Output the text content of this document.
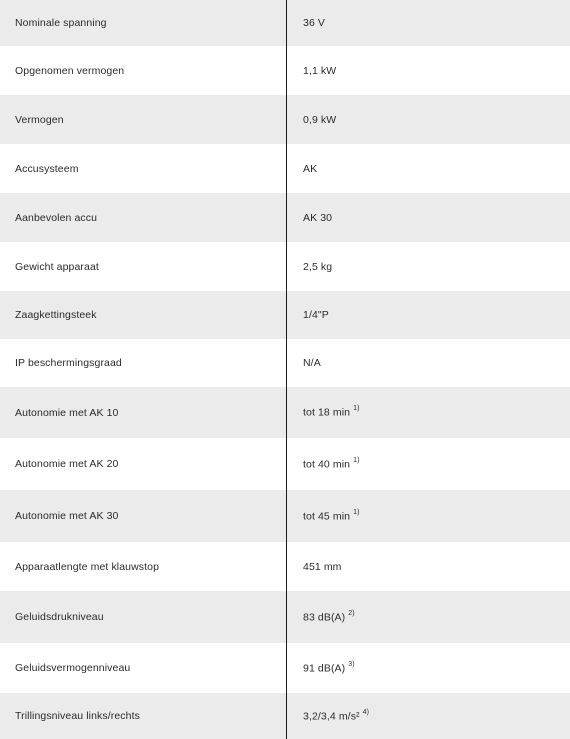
Nominale spanning	36 V
Opgenomen vermogen	1,1 kW
Vermogen	0,9 kW
Accusysteem	AK
Aanbevolen accu	AK 30
Gewicht apparaat	2,5 kg
Zaagkettingsteek	1/4"P
IP beschermingsgraad	N/A
Autonomie met AK 10	tot 18 min $^{1)}$
Autonomie met AK 20	tot 40 min $^{1)}$
Autonomie met AK 30	tot 45 min $^{1)}$
Apparaatlengte met klauwstop	451 mm
Geluidsdrukniveau	83 dB(A) $^{2)}$
Geluidsvermogenniveau	91 dB(A) $^{3)}$
Trillingsniveau links/rechts	3,2/3,4 m/s² $^{4)}$
